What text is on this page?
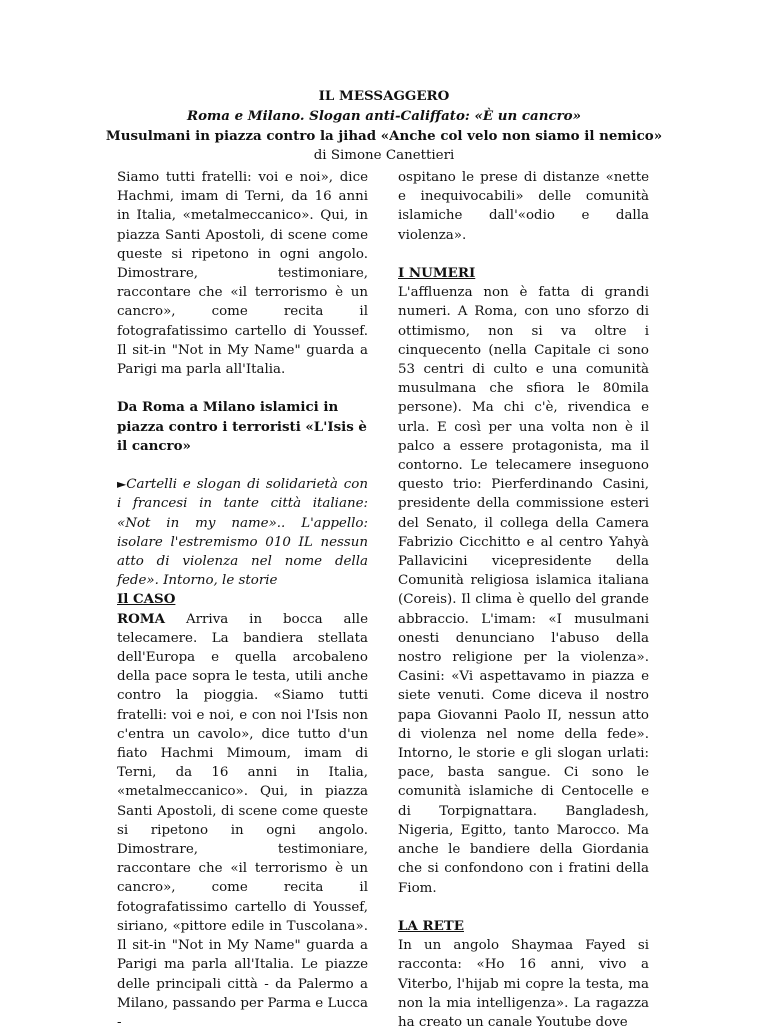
IL MESSAGGERO
Roma e Milano. Slogan anti-Califfato: «È un cancro»
Musulmani in piazza contro la jihad «Anche col velo non siamo il nemico»
di Simone Canettieri

Siamo tutti fratelli: voi e noi», dice Hachmi, imam di Terni, da 16 anni in Italia, «metalmeccanico». Qui, in piazza Santi Apostoli, di scene come queste si ripetono in ogni angolo. Dimostrare, testimoniare, raccontare che «il terrorismo è un cancro», come recita il fotografatissimo cartello di Youssef. Il sit-in "Not in My Name" guarda a Parigi ma parla all'Italia.

Da Roma a Milano islamici in piazza contro i terroristi «L'Isis è il cancro»

►Cartelli e slogan di solidarietà con i francesi in tante città italiane: «Not in my name».. L'appello: isolare l'estremismo 010 IL nessun atto di violenza nel nome della fede». Intorno, le storie

Il CASO

ROMA Arriva in bocca alle telecamere. La bandiera stellata dell'Europa e quella arcobaleno della pace sopra le testa, utili anche contro la pioggia. «Siamo tutti fratelli: voi e noi, e con noi l'Isis non c'entra un cavolo», dice tutto d'un fiato Hachmi Mimoum, imam di Terni, da 16 anni in Italia, «metalmeccanico». Qui, in piazza Santi Apostoli, di scene come queste si ripetono in ogni angolo. Dimostrare, testimoniare, raccontare che «il terrorismo è un cancro», come recita il fotografatissimo cartello di Youssef, siriano, «pittore edile in Tuscolana». Il sit-in "Not in My Name" guarda a Parigi ma parla all'Italia. Le piazze delle principali città - da Palermo a Milano, passando per Parma e Lucca -

ospitano le prese di distanze «nette e inequivocabili» delle comunità islamiche dall'«odio e dalla violenza».

I NUMERI

L'affluenza non è fatta di grandi numeri. A Roma, con uno sforzo di ottimismo, non si va oltre i cinquecento (nella Capitale ci sono 53 centri di culto e una comunità musulmana che sfiora le 80mila persone). Ma chi c'è, rivendica e urla. E così per una volta non è il palco a essere protagonista, ma il contorno. Le telecamere inseguono questo trio: Pierferdinando Casini, presidente della commissione esteri del Senato, il collega della Camera Fabrizio Cicchitto e al centro Yahyà Pallavicini vicepresidente della Comunità religiosa islamica italiana (Coreis). Il clima è quello del grande abbraccio. L'imam: «I musulmani onesti denunciano l'abuso della nostro religione per la violenza». Casini: «Vi aspettavamo in piazza e siete venuti. Come diceva il nostro papa Giovanni Paolo II, nessun atto di violenza nel nome della fede». Intorno, le storie e gli slogan urlati: pace, basta sangue. Ci sono le comunità islamiche di Centocelle e di Torpignattara. Bangladesh, Nigeria, Egitto, tanto Marocco. Ma anche le bandiere della Giordania che si confondono con i fratini della Fiom.

LA RETE

In un angolo Shaymaa Fayed si racconta: «Ho 16 anni, vivo a Viterbo, l'hijab mi copre la testa, ma non la mia intelligenza». La ragazza ha creato un canale Youtube dove
